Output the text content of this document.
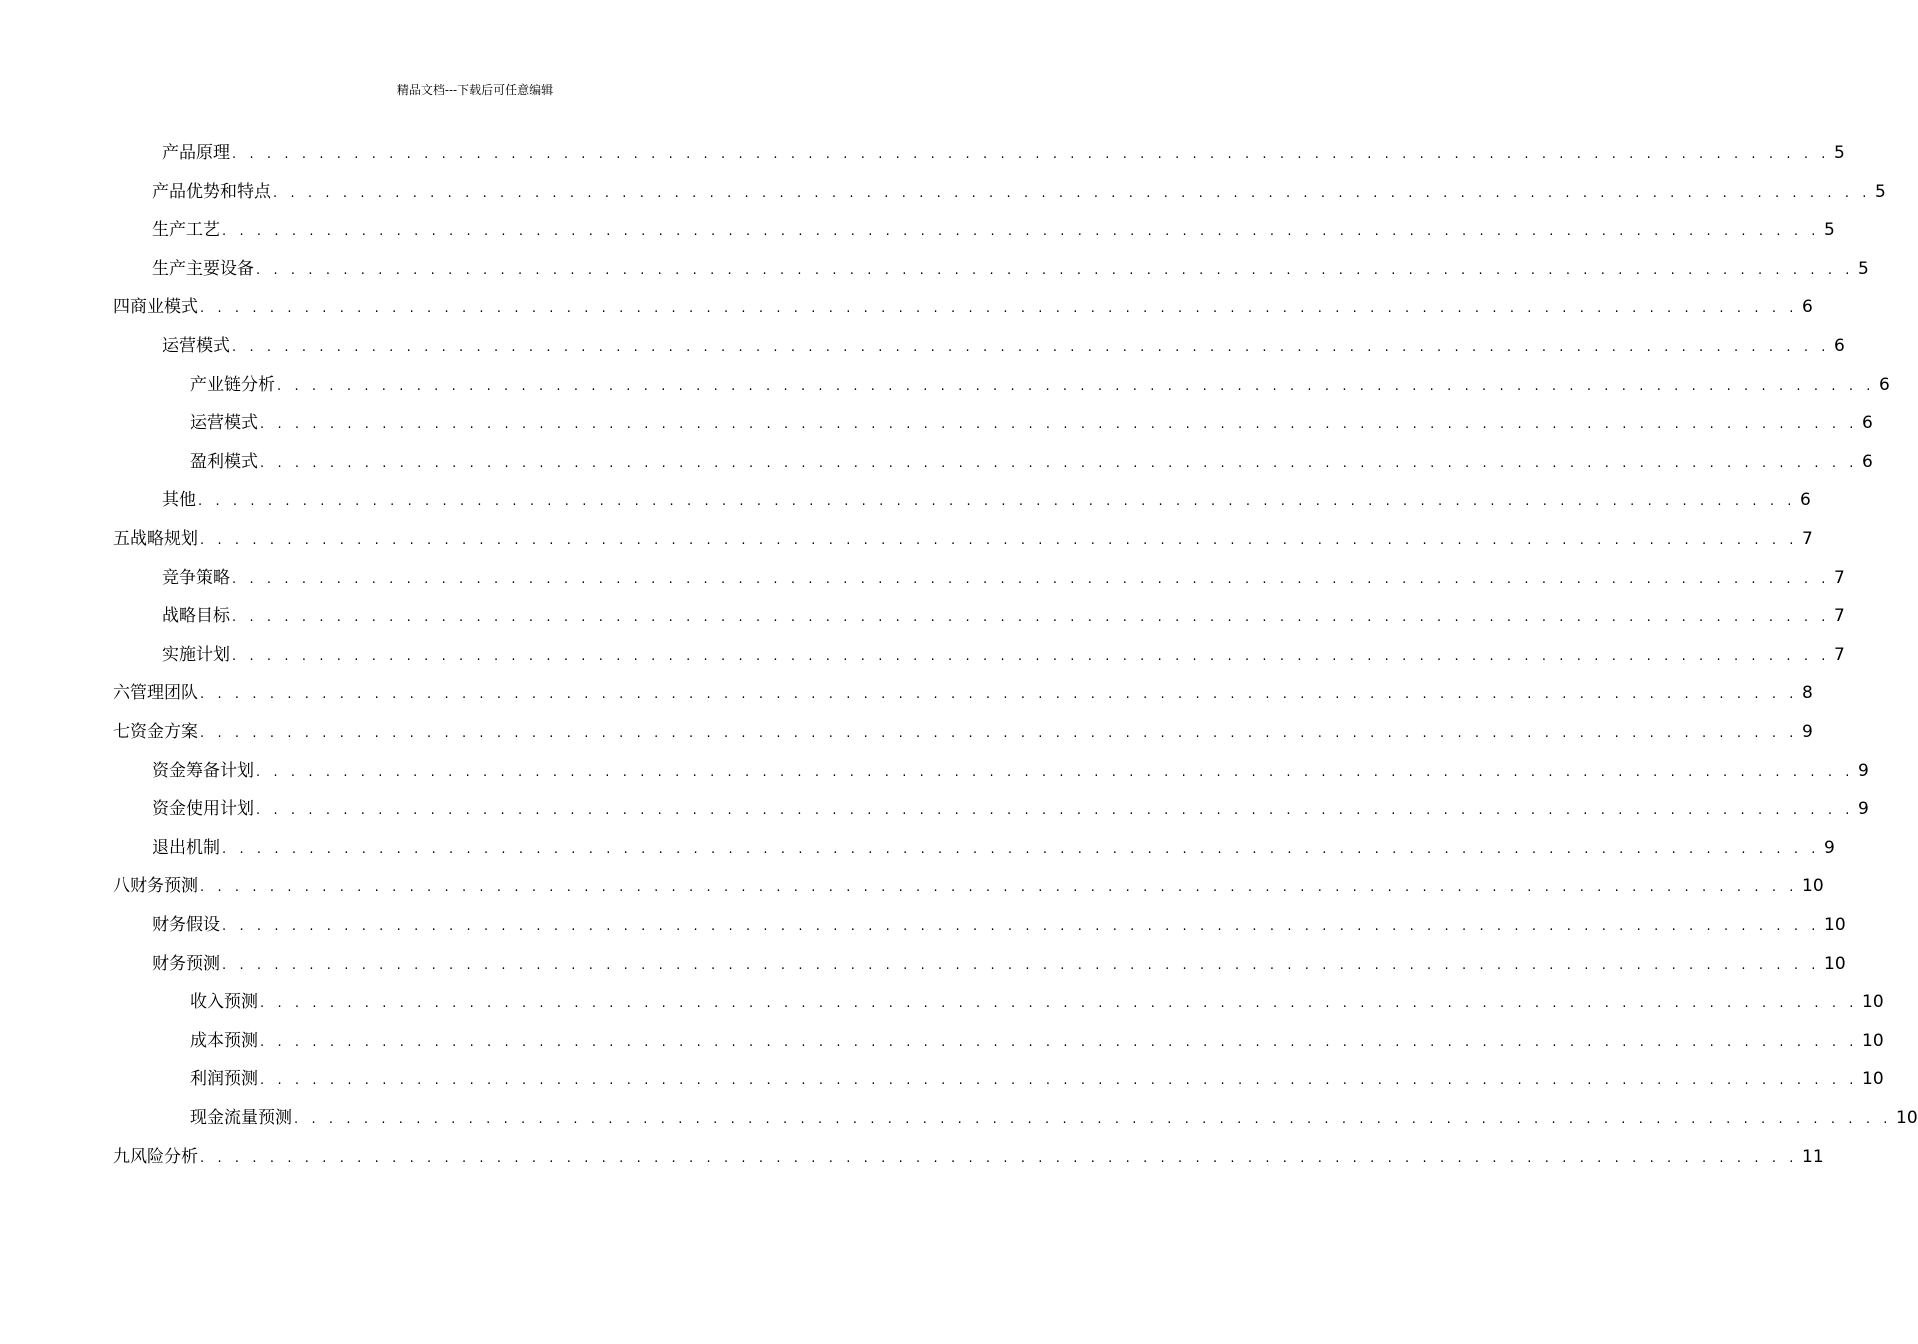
精品文档---下载后可任意编辑
产品原理 . . . . . . . . . . . . . . . . . . . . . . . . . . . . . . . . . . . . . . . . . . . . . . . . . . . . . . . . . . . . . . . . . . . . . . . . . . . . . . . . . . . . . . . . . . . . 5
产品优势和特点 . . . . . . . . . . . . . . . . . . . . . . . . . . . . . . . . . . . . . . . . . . . . . . . . . . . . . . . . . . . . . . . . . . . . . . . . . . . . . . . . . . . . . . . . . . . . 5
生产工艺 . . . . . . . . . . . . . . . . . . . . . . . . . . . . . . . . . . . . . . . . . . . . . . . . . . . . . . . . . . . . . . . . . . . . . . . . . . . . . . . . . . . . . . . . . . . . 5
生产主要设备 . . . . . . . . . . . . . . . . . . . . . . . . . . . . . . . . . . . . . . . . . . . . . . . . . . . . . . . . . . . . . . . . . . . . . . . . . . . . . . . . . . . . . . . . . . . . 5
四 商业模式 . . . . . . . . . . . . . . . . . . . . . . . . . . . . . . . . . . . . . . . . . . . . . . . . . . . . . . . . . . . . . . . . . . . . . . . . . . . . . . . . . . . . . . . . . . . . 6
运营模式 . . . . . . . . . . . . . . . . . . . . . . . . . . . . . . . . . . . . . . . . . . . . . . . . . . . . . . . . . . . . . . . . . . . . . . . . . . . . . . . . . . . . . . . . . . . . 6
产业链分析 . . . . . . . . . . . . . . . . . . . . . . . . . . . . . . . . . . . . . . . . . . . . . . . . . . . . . . . . . . . . . . . . . . . . . . . . . . . . . . . . . . . . . . . . . . . . 6
运营模式 . . . . . . . . . . . . . . . . . . . . . . . . . . . . . . . . . . . . . . . . . . . . . . . . . . . . . . . . . . . . . . . . . . . . . . . . . . . . . . . . . . . . . . . . . . . . 6
盈利模式 . . . . . . . . . . . . . . . . . . . . . . . . . . . . . . . . . . . . . . . . . . . . . . . . . . . . . . . . . . . . . . . . . . . . . . . . . . . . . . . . . . . . . . . . . . . . 6
其他 . . . . . . . . . . . . . . . . . . . . . . . . . . . . . . . . . . . . . . . . . . . . . . . . . . . . . . . . . . . . . . . . . . . . . . . . . . . . . . . . . . . . . . . . . . . . 6
五 战略规划 . . . . . . . . . . . . . . . . . . . . . . . . . . . . . . . . . . . . . . . . . . . . . . . . . . . . . . . . . . . . . . . . . . . . . . . . . . . . . . . . . . . . . . . . . . . . 7
竞争策略 . . . . . . . . . . . . . . . . . . . . . . . . . . . . . . . . . . . . . . . . . . . . . . . . . . . . . . . . . . . . . . . . . . . . . . . . . . . . . . . . . . . . . . . . . . . . 7
战略目标 . . . . . . . . . . . . . . . . . . . . . . . . . . . . . . . . . . . . . . . . . . . . . . . . . . . . . . . . . . . . . . . . . . . . . . . . . . . . . . . . . . . . . . . . . . . . 7
实施计划 . . . . . . . . . . . . . . . . . . . . . . . . . . . . . . . . . . . . . . . . . . . . . . . . . . . . . . . . . . . . . . . . . . . . . . . . . . . . . . . . . . . . . . . . . . . . 7
六 管理团队 . . . . . . . . . . . . . . . . . . . . . . . . . . . . . . . . . . . . . . . . . . . . . . . . . . . . . . . . . . . . . . . . . . . . . . . . . . . . . . . . . . . . . . . . . . . . 8
七 资金方案 . . . . . . . . . . . . . . . . . . . . . . . . . . . . . . . . . . . . . . . . . . . . . . . . . . . . . . . . . . . . . . . . . . . . . . . . . . . . . . . . . . . . . . . . . . . . 9
资金筹备计划 . . . . . . . . . . . . . . . . . . . . . . . . . . . . . . . . . . . . . . . . . . . . . . . . . . . . . . . . . . . . . . . . . . . . . . . . . . . . . . . . . . . . . . . . . . . . 9
资金使用计划 . . . . . . . . . . . . . . . . . . . . . . . . . . . . . . . . . . . . . . . . . . . . . . . . . . . . . . . . . . . . . . . . . . . . . . . . . . . . . . . . . . . . . . . . . . . . 9
退出机制 . . . . . . . . . . . . . . . . . . . . . . . . . . . . . . . . . . . . . . . . . . . . . . . . . . . . . . . . . . . . . . . . . . . . . . . . . . . . . . . . . . . . . . . . . . . . 9
八 财务预测 . . . . . . . . . . . . . . . . . . . . . . . . . . . . . . . . . . . . . . . . . . . . . . . . . . . . . . . . . . . . . . . . . . . . . . . . . . . . . . . . . . . . . . . . . . . . 10
财务假设 . . . . . . . . . . . . . . . . . . . . . . . . . . . . . . . . . . . . . . . . . . . . . . . . . . . . . . . . . . . . . . . . . . . . . . . . . . . . . . . . . . . . . . . . . . . . 10
财务预测 . . . . . . . . . . . . . . . . . . . . . . . . . . . . . . . . . . . . . . . . . . . . . . . . . . . . . . . . . . . . . . . . . . . . . . . . . . . . . . . . . . . . . . . . . . . . 10
收入预测 . . . . . . . . . . . . . . . . . . . . . . . . . . . . . . . . . . . . . . . . . . . . . . . . . . . . . . . . . . . . . . . . . . . . . . . . . . . . . . . . . . . . . . . . . . . . 10
成本预测 . . . . . . . . . . . . . . . . . . . . . . . . . . . . . . . . . . . . . . . . . . . . . . . . . . . . . . . . . . . . . . . . . . . . . . . . . . . . . . . . . . . . . . . . . . . . 10
利润预测 . . . . . . . . . . . . . . . . . . . . . . . . . . . . . . . . . . . . . . . . . . . . . . . . . . . . . . . . . . . . . . . . . . . . . . . . . . . . . . . . . . . . . . . . . . . . 10
现金流量预测 . . . . . . . . . . . . . . . . . . . . . . . . . . . . . . . . . . . . . . . . . . . . . . . . . . . . . . . . . . . . . . . . . . . . . . . . . . . . . . . . . . . . . . . . . . . . 10
九 风险分析 . . . . . . . . . . . . . . . . . . . . . . . . . . . . . . . . . . . . . . . . . . . . . . . . . . . . . . . . . . . . . . . . . . . . . . . . . . . . . . . . . . . . . . . . . . . . 11
